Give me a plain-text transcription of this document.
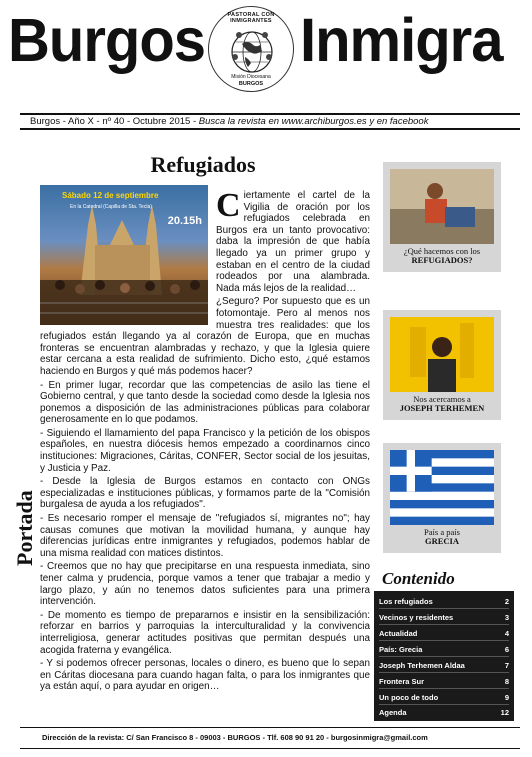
Burgos	PASTORAL CON INMIGRANTES
Misión Diocesana
BURGOS
Inmigra
Burgos - Año X - nº 40 - Octubre 2015 - Busca la revista en www.archiburgos.es y en facebook
Refugiados
Portada
C iertamente el cartel de la Vigilia de oración por los refugiados celebrada en Burgos era un tanto provocativo: daba la impresión de que había llegado ya un primer grupo y estaban en el centro de la ciudad rodeados por una alambrada. Nada más lejos de la realidad…

¿Seguro? Por supuesto que es un fotomontaje. Pero al menos nos muestra tres realidades: que los refugiados están llegando ya al corazón de Europa, que en muchas fronteras se encuentran alambradas y rechazo, y que la Iglesia quiere estar cercana a esta realidad de sufrimiento. Dicho esto, ¿qué estamos haciendo en Burgos y qué más podemos hacer?

- En primer lugar, recordar que las competencias de asilo las tiene el Gobierno central, y que tanto desde la sociedad como desde la Iglesia nos ponemos a disposición de las administraciones públicas para colaborar generosamente en lo que podamos.

- Siguiendo el llamamiento del papa Francisco y la petición de los obispos españoles, en nuestra diócesis hemos empezado a coordinarnos cinco instituciones: Migraciones, Cáritas, CONFER, Sector social de los jesuitas, y Justicia y Paz.

- Desde la Iglesia de Burgos estamos en contacto con ONGs especializadas e instituciones públicas, y formamos parte de la "Comisión burgalesa de ayuda a los refugiados".

- Es necesario romper el mensaje de "refugiados sí, migrantes no"; hay causas comunes que motivan la movilidad humana, y aunque hay diferencias jurídicas entre inmigrantes y refugiados, podemos hablar de una misma realidad con matices distintos.

- Creemos que no hay que precipitarse en una respuesta inmediata, sino tener calma y prudencia, porque vamos a tener que trabajar a medio y largo plazo, y aún no tenemos datos suficientes para una primera intervención.

- De momento es tiempo de prepararnos e insistir en la sensibilización: reforzar en barrios y parroquias la interculturalidad y la convivencia interreligiosa, generar actitudes positivas que permitan después una acogida fraterna y evangélica.

- Y si podemos ofrecer personas, locales o dinero, es bueno que lo sepan en Cáritas diocesana para cuando hagan falta, o para los inmigrantes que ya están aquí, o para ayudar en origen…

Sábado 12 de septiembre
En la Catedral (Capilla de Sta. Tecla)
20.15h
¿Qué hacemos con los
REFUGIADOS?
Nos acercamos a
JOSEPH TERHEMEN
País a país
GRECIA
Contenido
Los refugiados	2
Vecinos y residentes	3
Actualidad	4
País: Grecia	6
Joseph Terhemen Aldaa	7
Frontera Sur	8
Un poco de todo	9
Agenda	12
Dirección de la revista: C/ San Francisco 8 - 09003 - BURGOS - Tlf. 608 90 91 20 - burgosinmigra@gmail.com
